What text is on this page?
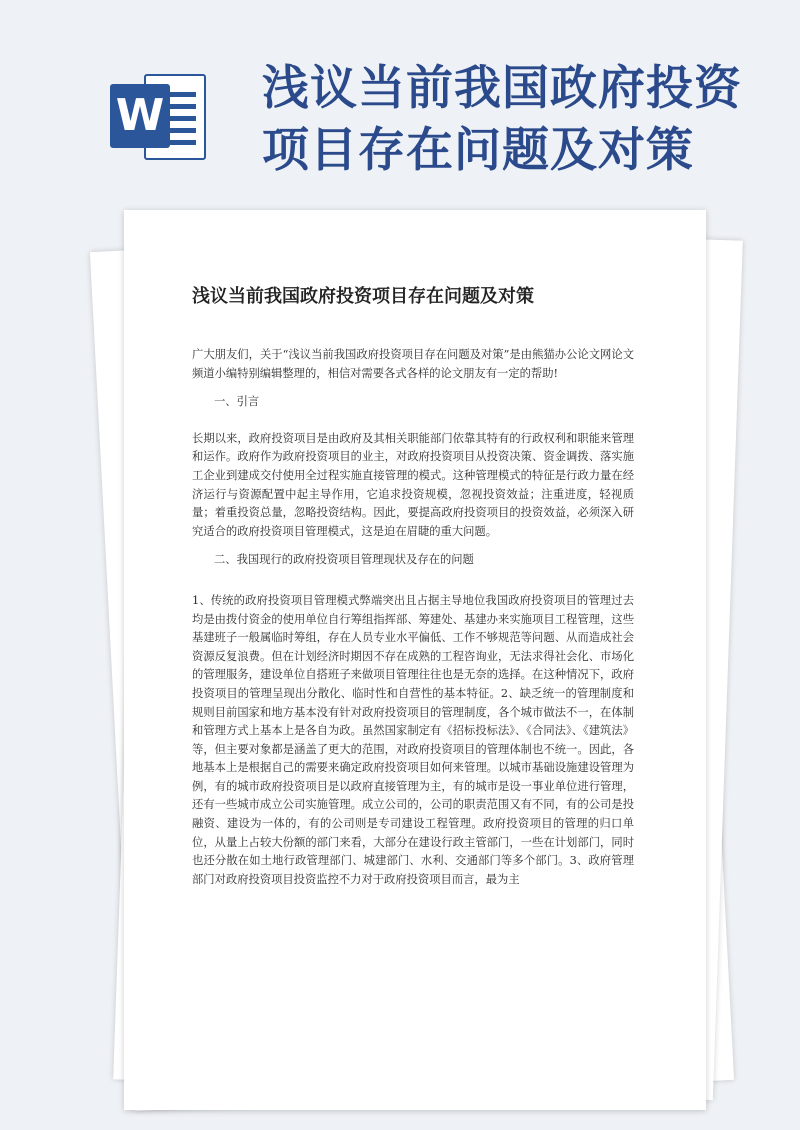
W 浅议当前我国政府投资
项目存在问题及对策
浅议当前我国政府投资项目存在问题及对策

广大朋友们，关于“浅议当前我国政府投资项目存在问题及对策”是由熊猫办公论文网论文频道小编特别编辑整理的，相信对需要各式各样的论文朋友有一定的帮助!

一、引言

长期以来，政府投资项目是由政府及其相关职能部门依靠其特有的行政权利和职能来管理和运作。政府作为政府投资项目的业主，对政府投资项目从投资决策、资金调拨、落实施工企业到建成交付使用全过程实施直接管理的模式。这种管理模式的特征是行政力量在经济运行与资源配置中起主导作用，它追求投资规模，忽视投资效益；注重进度，轻视质量；着重投资总量，忽略投资结构。因此，要提高政府投资项目的投资效益，必须深入研究适合的政府投资项目管理模式，这是迫在眉睫的重大问题。

二、我国现行的政府投资项目管理现状及存在的问题

1、传统的政府投资项目管理模式弊端突出且占据主导地位我国政府投资项目的管理过去均是由拨付资金的使用单位自行筹组指挥部、筹建处、基建办来实施项目工程管理，这些基建班子一般属临时筹组，存在人员专业水平偏低、工作不够规范等问题、从而造成社会资源反复浪费。但在计划经济时期因不存在成熟的工程咨询业，无法求得社会化、市场化的管理服务，建设单位自搭班子来做项目管理往往也是无奈的选择。在这种情况下，政府投资项目的管理呈现出分散化、临时性和自营性的基本特征。2、缺乏统一的管理制度和规则目前国家和地方基本没有针对政府投资项目的管理制度，各个城市做法不一，在体制和管理方式上基本上是各自为政。虽然国家制定有《招标投标法》、《合同法》、《建筑法》等，但主要对象都是涵盖了更大的范围，对政府投资项目的管理体制也不统一。因此，各地基本上是根据自己的需要来确定政府投资项目如何来管理。以城市基础设施建设管理为例，有的城市政府投资项目是以政府直接管理为主，有的城市是设一事业单位进行管理，还有一些城市成立公司实施管理。成立公司的，公司的职责范围又有不同，有的公司是投融资、建设为一体的，有的公司则是专司建设工程管理。政府投资项目的管理的归口单位，从量上占较大份额的部门来看，大部分在建设行政主管部门，一些在计划部门，同时也还分散在如土地行政管理部门、城建部门、水利、交通部门等多个部门。3、政府管理部门对政府投资项目投资监控不力对于政府投资项目而言，最为主
